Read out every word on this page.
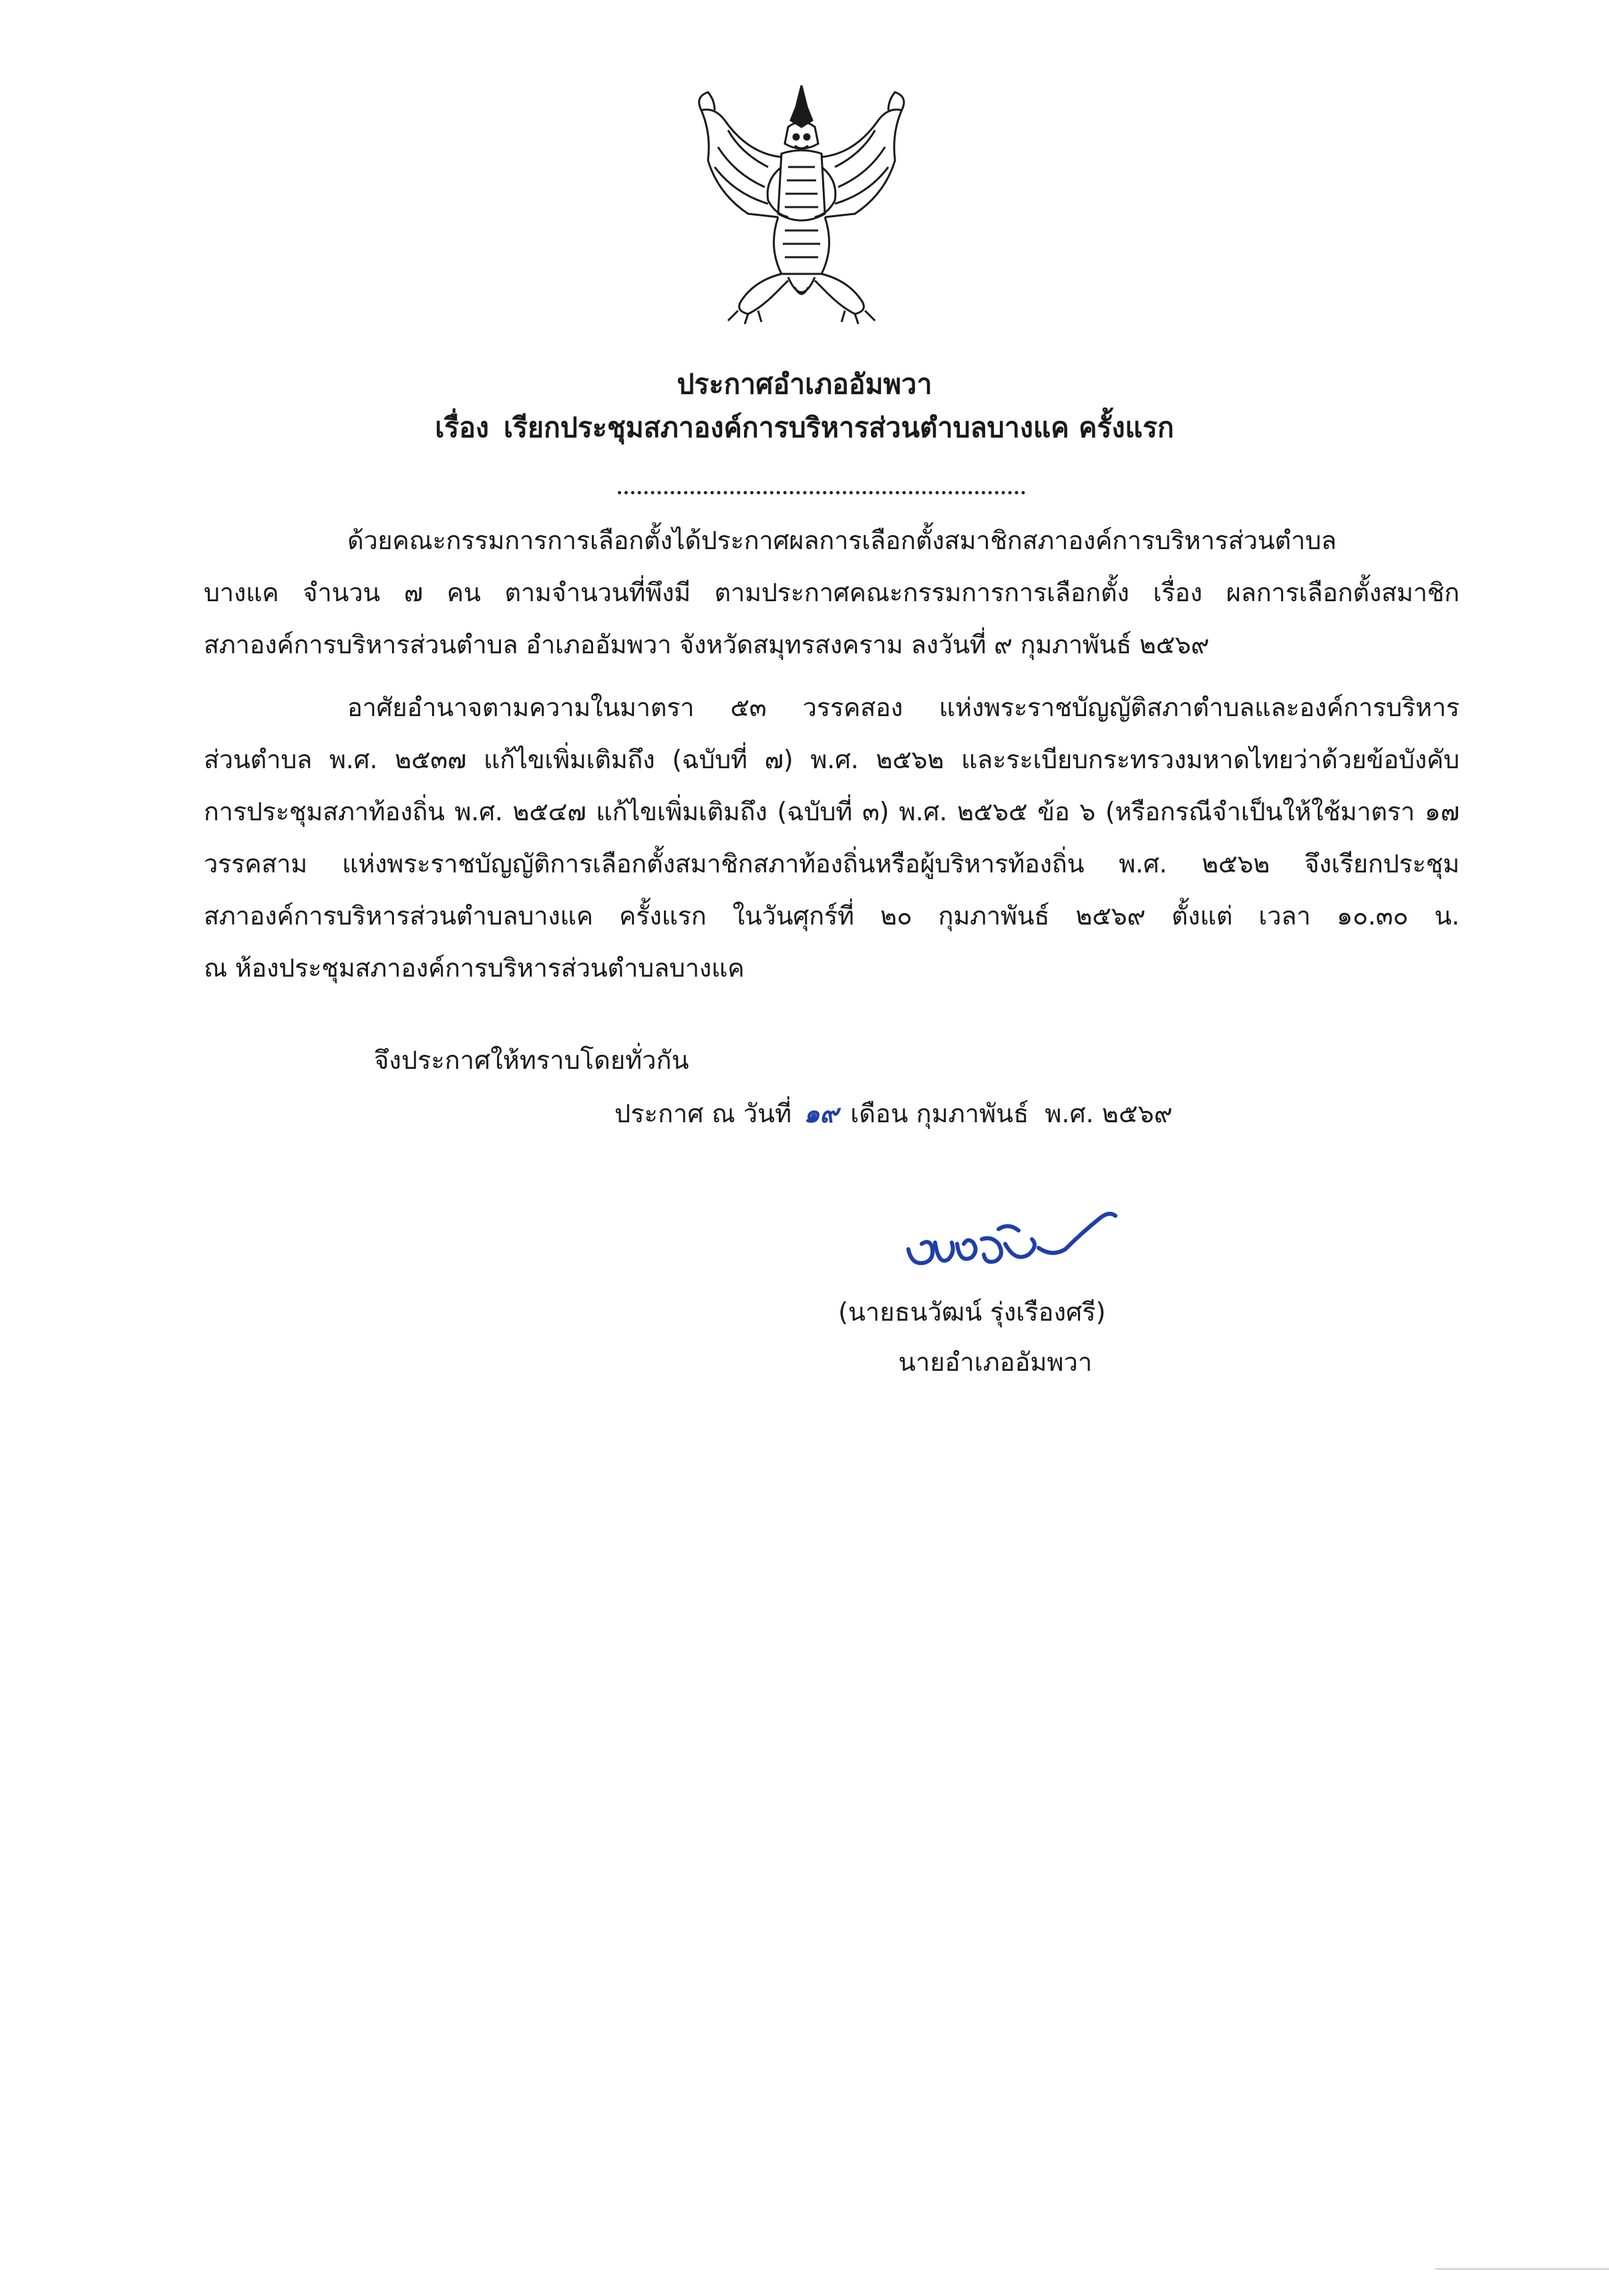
ประกาศอำเภออัมพวา
เรื่อง เรียกประชุมสภาองค์การบริหารส่วนตำบลบางแค ครั้งแรก
ด้วยคณะกรรมการการเลือกตั้งได้ประกาศผลการเลือกตั้งสมาชิกสภาองค์การบริหารส่วนตำบล
บางแค จำนวน ๗ คน ตามจำนวนที่พึงมี ตามประกาศคณะกรรมการการเลือกตั้ง เรื่อง ผลการเลือกตั้งสมาชิก
สภาองค์การบริหารส่วนตำบล อำเภออัมพวา จังหวัดสมุทรสงคราม ลงวันที่ ๙ กุมภาพันธ์ ๒๕๖๙
อาศัยอำนาจตามความในมาตรา ๕๓ วรรคสอง แห่งพระราชบัญญัติสภาตำบลและองค์การบริหาร
ส่วนตำบล พ.ศ. ๒๕๓๗ แก้ไขเพิ่มเติมถึง (ฉบับที่ ๗) พ.ศ. ๒๕๖๒ และระเบียบกระทรวงมหาดไทยว่าด้วยข้อบังคับ
การประชุมสภาท้องถิ่น พ.ศ. ๒๕๔๗ แก้ไขเพิ่มเติมถึง (ฉบับที่ ๓) พ.ศ. ๒๕๖๕ ข้อ ๖ (หรือกรณีจำเป็นให้ใช้มาตรา ๑๗
วรรคสาม แห่งพระราชบัญญัติการเลือกตั้งสมาชิกสภาท้องถิ่นหรือผู้บริหารท้องถิ่น พ.ศ. ๒๕๖๒ จึงเรียกประชุม
สภาองค์การบริหารส่วนตำบลบางแค ครั้งแรก ในวันศุกร์ที่ ๒๐ กุมภาพันธ์ ๒๕๖๙ ตั้งแต่ เวลา ๑๐.๓๐ น.
ณ ห้องประชุมสภาองค์การบริหารส่วนตำบลบางแค
จึงประกาศให้ทราบโดยทั่วกัน
ประกาศ ณ วันที่ ๑๙ เดือน กุมภาพันธ์ พ.ศ. ๒๕๖๙
(นายธนวัฒน์ รุ่งเรืองศรี)
นายอำเภออัมพวา
